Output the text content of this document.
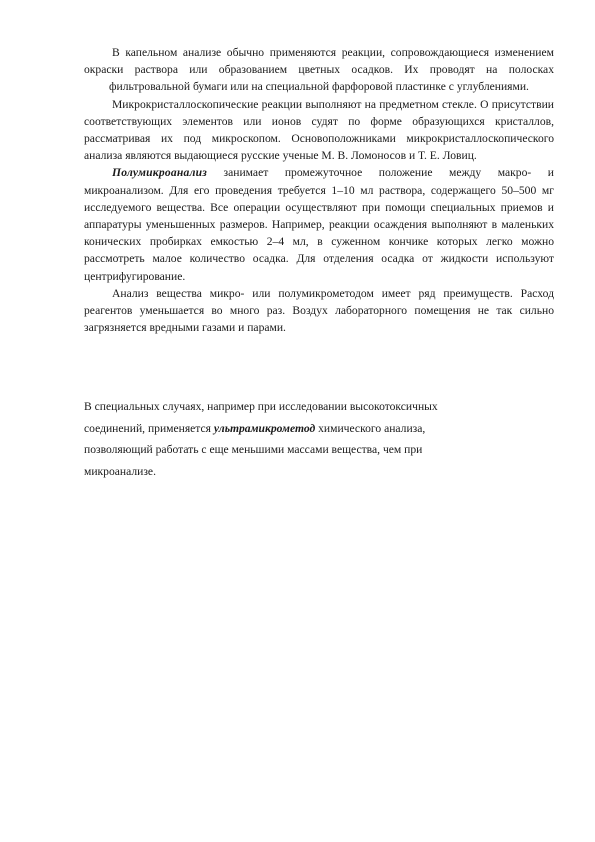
В капельном анализе обычно применяются реакции, сопровождающиеся изменением окраски раствора или образованием цветных осадков. Их проводят на полосках фильтровальной бумаги или на специальной фарфоровой пластинке с углублениями.

Микрокристаллоскопические реакции выполняют на предметном стекле. О присутствии соответствующих элементов или ионов судят по форме образующихся кристаллов, рассматривая их под микроскопом. Основоположниками микрокристаллоскопического анализа являются выдающиеся русские ученые М. В. Ломоносов и Т. Е. Ловиц.

Полумикроанализ занимает промежуточное положение между макро- и микроанализом. Для его проведения требуется 1–10 мл раствора, содержащего 50–500 мг исследуемого вещества. Все операции осуществляют при помощи специальных приемов и аппаратуры уменьшенных размеров. Например, реакции осаждения выполняют в маленьких конических пробирках емкостью 2–4 мл, в суженном кончике которых легко можно рассмотреть малое количество осадка. Для отделения осадка от жидкости используют центрифугирование.

Анализ вещества микро- или полумикрометодом имеет ряд преимуществ. Расход реагентов уменьшается во много раз. Воздух лабораторного помещения не так сильно загрязняется вредными газами и парами.

В специальных случаях, например при исследовании высокотоксичных

соединений, применяется ультрамикрометод химического анализа,

позволяющий работать с еще меньшими массами вещества, чем при

микроанализе.
